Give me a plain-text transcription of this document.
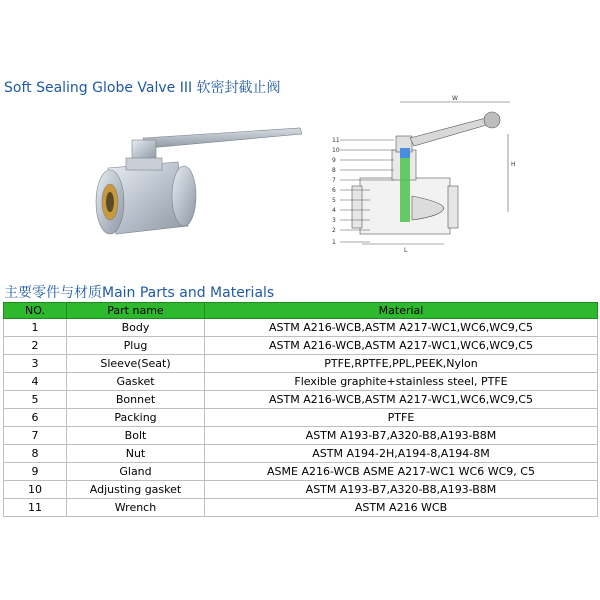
Soft Sealing Globe Valve III 软密封截止阀
11
10
9
8
7
6
5
4
3
2
1
W
H
L
主要零件与材质Main Parts and Materials
NO.	Part name	Material
1	Body	ASTM A216-WCB,ASTM A217-WC1,WC6,WC9,C5
2	Plug	ASTM A216-WCB,ASTM A217-WC1,WC6,WC9,C5
3	Sleeve(Seat)	PTFE,RPTFE,PPL,PEEK,Nylon
4	Gasket	Flexible graphite+stainless steel, PTFE
5	Bonnet	ASTM A216-WCB,ASTM A217-WC1,WC6,WC9,C5
6	Packing	PTFE
7	Bolt	ASTM A193-B7,A320-B8,A193-B8M
8	Nut	ASTM A194-2H,A194-8,A194-8M
9	Gland	ASME A216-WCB ASME A217-WC1 WC6 WC9, C5
10	Adjusting gasket	ASTM A193-B7,A320-B8,A193-B8M
11	Wrench	ASTM A216 WCB
